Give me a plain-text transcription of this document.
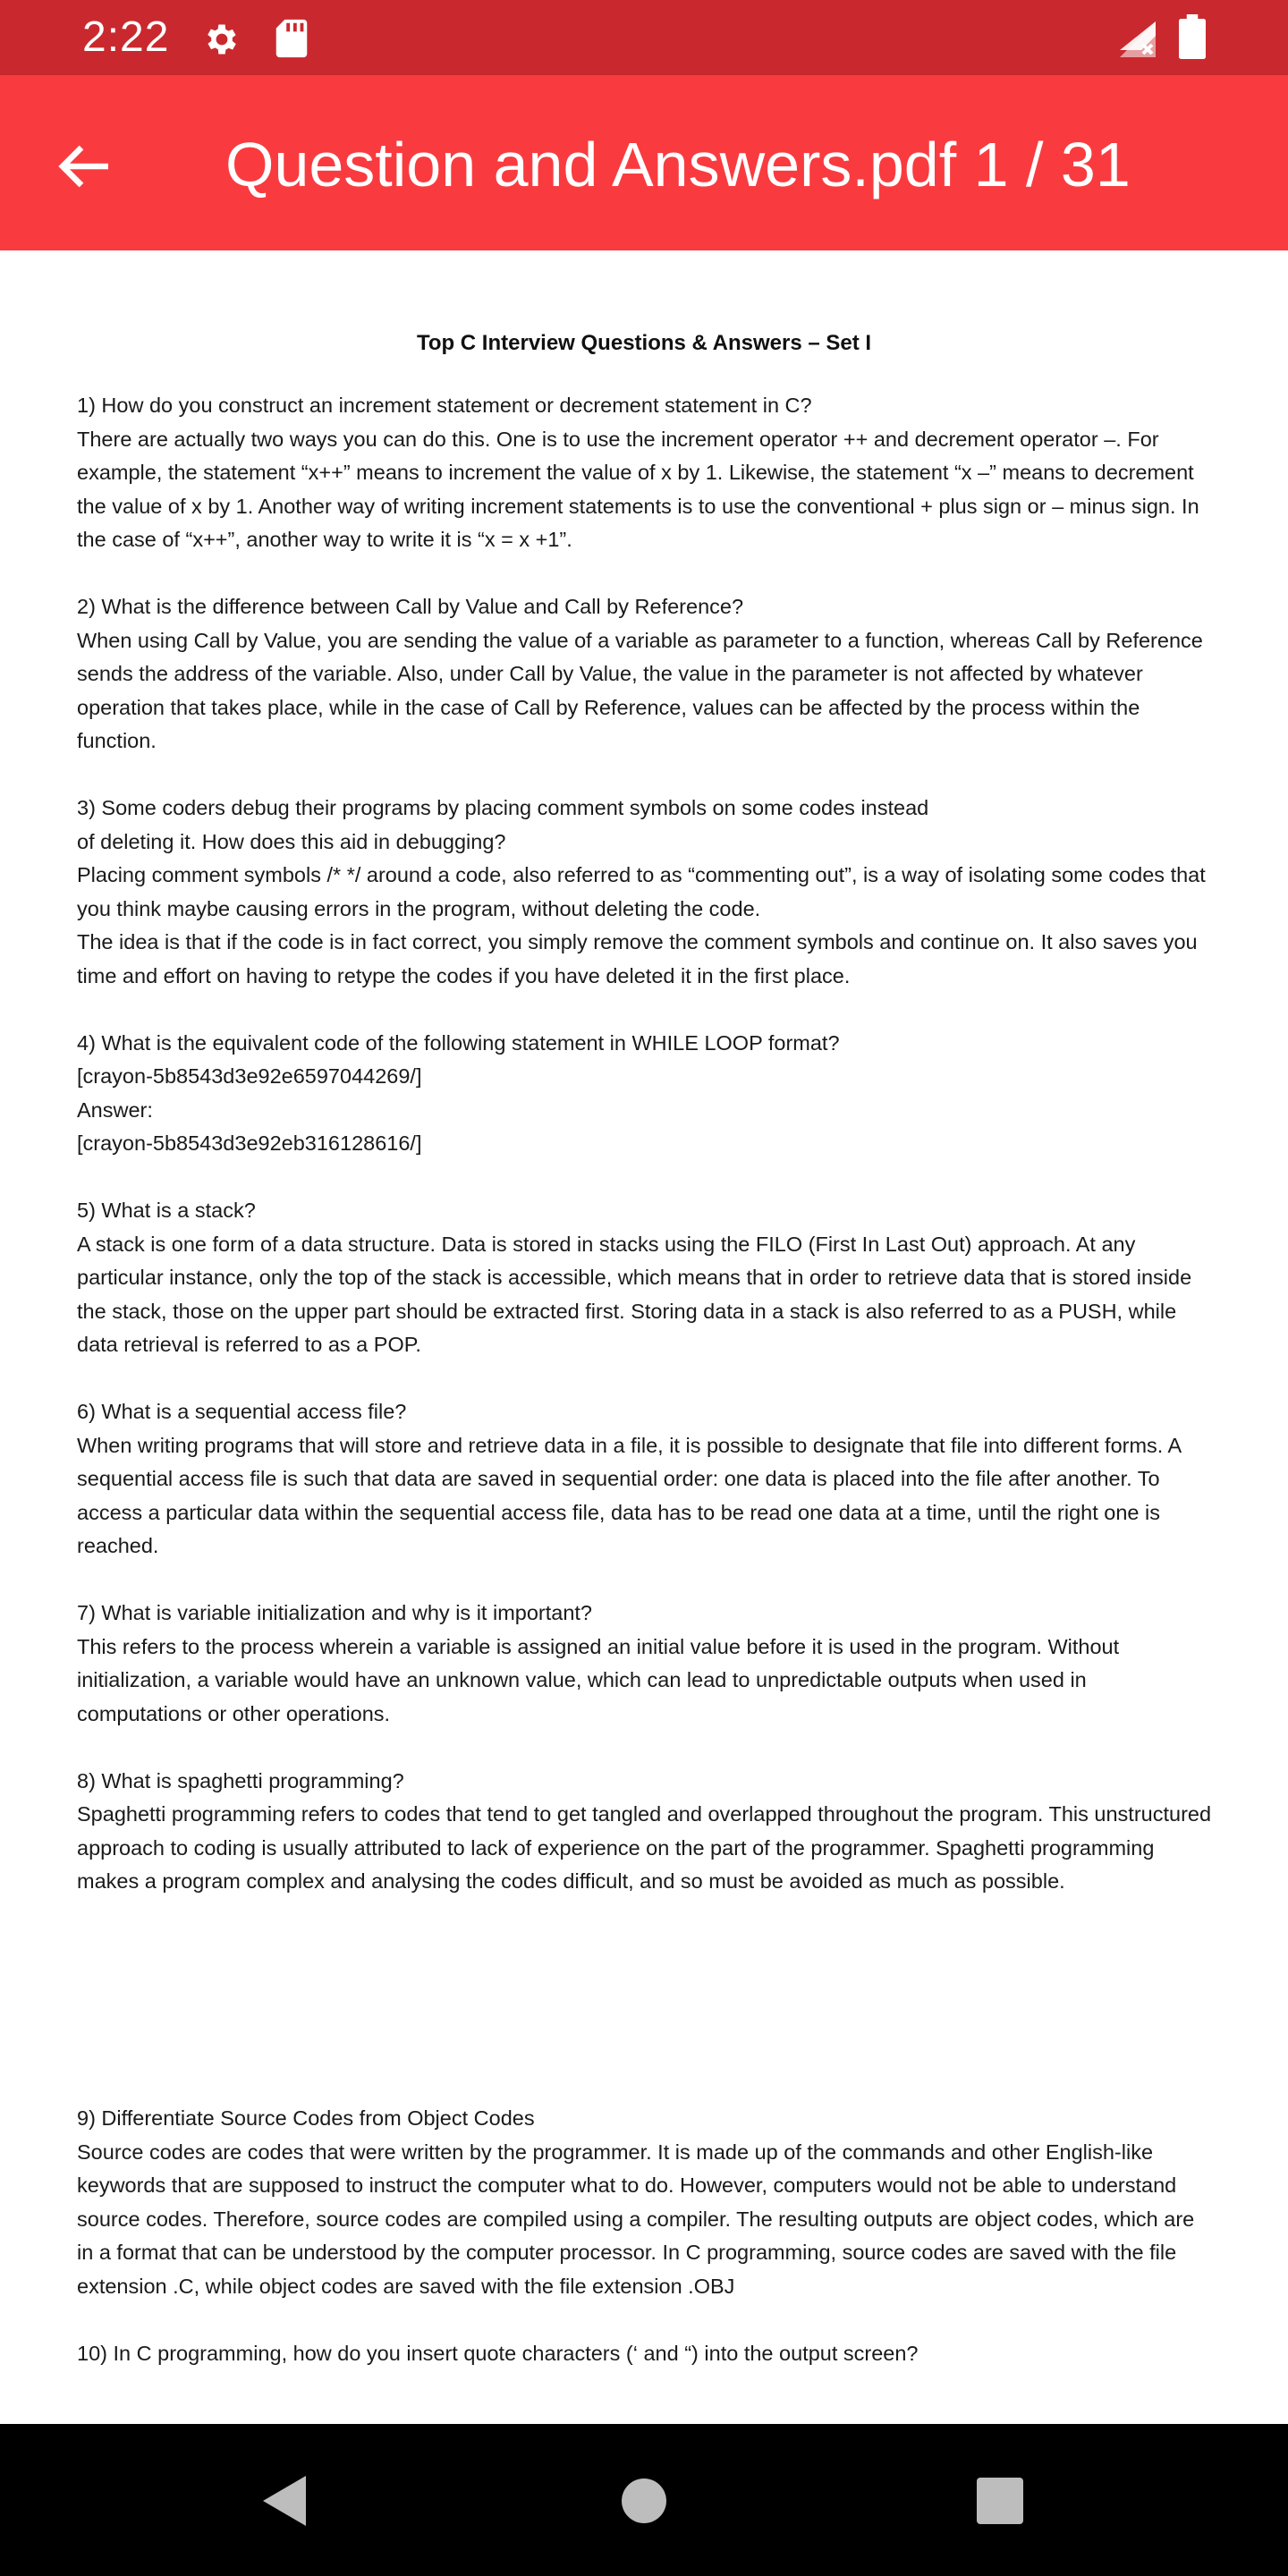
2:22
Question and Answers.pdf 1 / 31
Top C Interview Questions & Answers – Set I

1) How do you construct an increment statement or decrement statement in C?

There are actually two ways you can do this. One is to use the increment operator ++ and decrement operator –. For example, the statement “x++” means to increment the value of x by 1. Likewise, the statement “x –” means to decrement the value of x by 1. Another way of writing increment statements is to use the conventional + plus sign or – minus sign. In the case of “x++”, another way to write it is “x = x +1”.

2) What is the difference between Call by Value and Call by Reference?

When using Call by Value, you are sending the value of a variable as parameter to a function, whereas Call by Reference sends the address of the variable. Also, under Call by Value, the value in the parameter is not affected by whatever operation that takes place, while in the case of Call by Reference, values can be affected by the process within the function.

3) Some coders debug their programs by placing comment symbols on some codes instead

of deleting it. How does this aid in debugging?

Placing comment symbols /* */ around a code, also referred to as “commenting out”, is a way of isolating some codes that you think maybe causing errors in the program, without deleting the code.

The idea is that if the code is in fact correct, you simply remove the comment symbols and continue on. It also saves you time and effort on having to retype the codes if you have deleted it in the first place.

4) What is the equivalent code of the following statement in WHILE LOOP format?

[crayon-5b8543d3e92e6597044269/]

Answer:

[crayon-5b8543d3e92eb316128616/]

5) What is a stack?

A stack is one form of a data structure. Data is stored in stacks using the FILO (First In Last Out) approach. At any particular instance, only the top of the stack is accessible, which means that in order to retrieve data that is stored inside the stack, those on the upper part should be extracted first. Storing data in a stack is also referred to as a PUSH, while data retrieval is referred to as a POP.

6) What is a sequential access file?

When writing programs that will store and retrieve data in a file, it is possible to designate that file into different forms. A sequential access file is such that data are saved in sequential order: one data is placed into the file after another. To access a particular data within the sequential access file, data has to be read one data at a time, until the right one is reached.

7) What is variable initialization and why is it important?

This refers to the process wherein a variable is assigned an initial value before it is used in the program. Without initialization, a variable would have an unknown value, which can lead to unpredictable outputs when used in computations or other operations.

8) What is spaghetti programming?

Spaghetti programming refers to codes that tend to get tangled and overlapped throughout the program. This unstructured approach to coding is usually attributed to lack of experience on the part of the programmer. Spaghetti programming makes a program complex and analysing the codes difficult, and so must be avoided as much as possible.

9) Differentiate Source Codes from Object Codes

Source codes are codes that were written by the programmer. It is made up of the commands and other English-like keywords that are supposed to instruct the computer what to do. However, computers would not be able to understand source codes. Therefore, source codes are compiled using a compiler. The resulting outputs are object codes, which are in a format that can be understood by the computer processor. In C programming, source codes are saved with the file extension .C, while object codes are saved with the file extension .OBJ

10) In C programming, how do you insert quote characters (‘ and “) into the output screen?
